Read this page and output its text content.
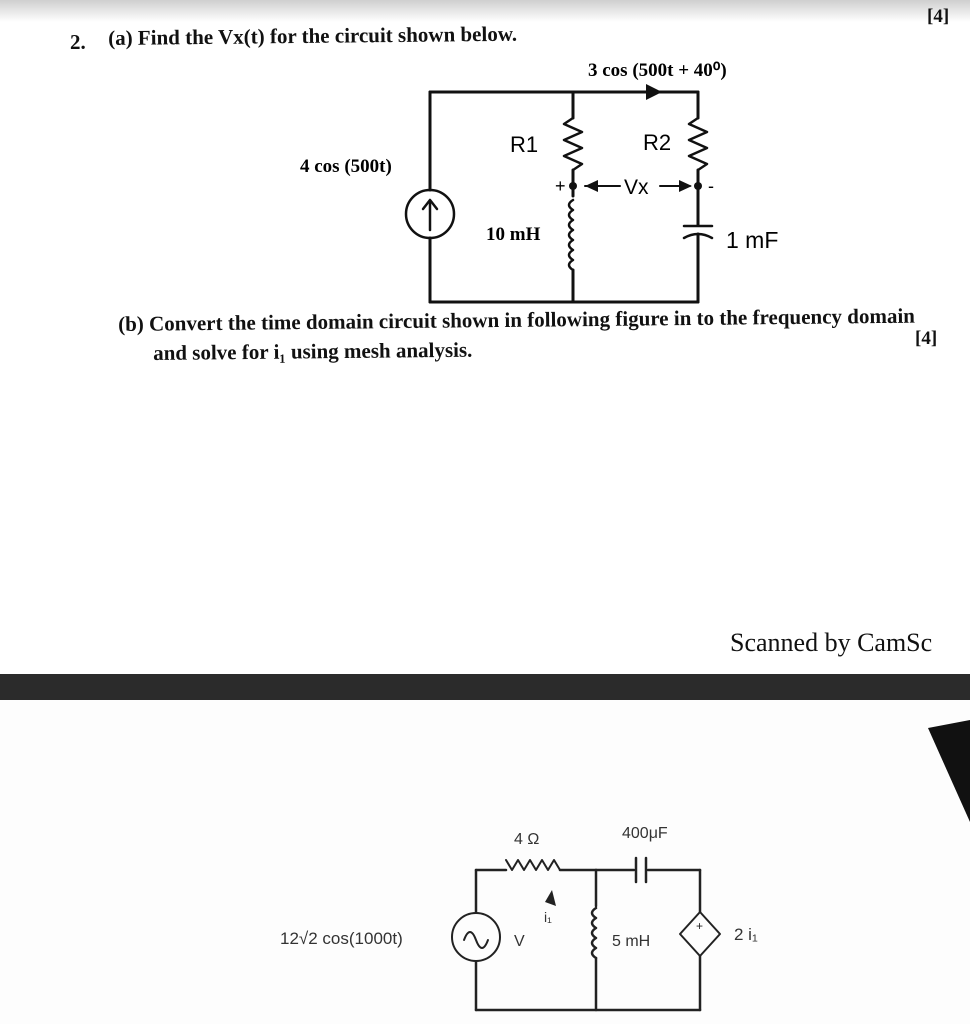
2. (a) Find the Vx(t) for the circuit shown below.
[4]
4 cos (500t)
3 cos (500t + 40⁰)
R1	R2
10 mH	1 mF
Vx
+	-
(b) Convert the time domain circuit shown in following figure in to the frequency domain
and solve for i₁ using mesh analysis.	[4]
Scanned by CamSc
+
12√2 cos(1000t)	V
4 Ω	400μF
5 mH	2 i₁
i₁
